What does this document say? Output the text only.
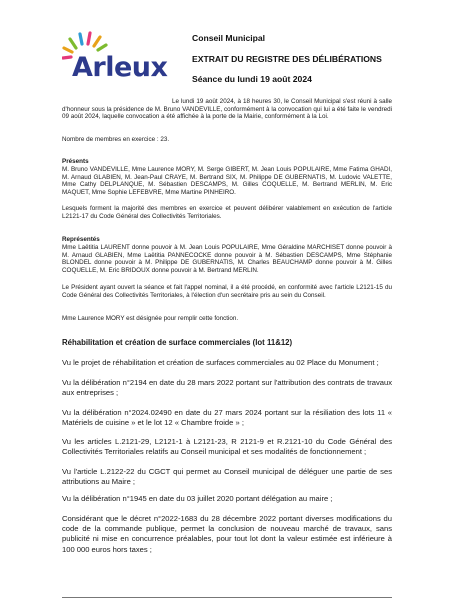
Arleux
Conseil Municipal
EXTRAIT DU REGISTRE DES DÉLIBÉRATIONS
Séance du lundi 19 août 2024
Le lundi 19 août 2024, à 18 heures 30, le Conseil Municipal s'est réuni à salle d'honneur sous la présidence de M. Bruno VANDEVILLE, conformément à la convocation qui lui a été faite le vendredi 09 août 2024, laquelle convocation a été affichée à la porte de la Mairie, conformément à la Loi.
Nombre de membres en exercice : 23.
Présents
M. Bruno VANDEVILLE, Mme Laurence MORY, M. Serge GIBERT, M. Jean Louis POPULAIRE, Mme Fatima GHADI, M. Arnaud GLABIEN, M. Jean-Paul CRAYE, M. Bertrand SIX, M. Philippe DE GUBERNATIS, M. Ludovic VALETTE, Mme Cathy DELPLANQUE, M. Sébastien DESCAMPS, M. Gilles COQUELLE, M. Bertrand MERLIN, M. Eric MAQUET, Mme Sophie LEFEBVRE, Mme Martine PINHEIRO.
Lesquels forment la majorité des membres en exercice et peuvent délibérer valablement en exécution de l'article L2121-17 du Code Général des Collectivités Territoriales.
Représentés
Mme Laëtitia LAURENT donne pouvoir à M. Jean Louis POPULAIRE, Mme Géraldine MARCHISET donne pouvoir à M. Arnaud GLABIEN, Mme Laëtitia PANNECOCKE donne pouvoir à M. Sébastien DESCAMPS, Mme Stéphanie BLONDEL donne pouvoir à M. Philippe DE GUBERNATIS, M. Charles BEAUCHAMP donne pouvoir à M. Gilles COQUELLE, M. Eric BRIDOUX donne pouvoir à M. Bertrand MERLIN.
Le Président ayant ouvert la séance et fait l'appel nominal, il a été procédé, en conformité avec l'article L2121-15 du Code Général des Collectivités Territoriales, à l'élection d'un secrétaire pris au sein du Conseil.
Mme Laurence MORY est désignée pour remplir cette fonction.
Réhabilitation et création de surface commerciales (lot 11&12)
Vu le projet de réhabilitation et création de surfaces commerciales au 02 Place du Monument ;
Vu la délibération n°2194 en date du 28 mars 2022 portant sur l'attribution des contrats de travaux aux entreprises ;
Vu la délibération n°2024.02490 en date du 27 mars 2024 portant sur la résiliation des lots 11 « Matériels de cuisine » et le lot 12 « Chambre froide » ;
Vu les articles L.2121-29, L2121-1 à L2121-23, R 2121-9 et R.2121-10 du Code Général des Collectivités Territoriales relatifs au Conseil municipal et ses modalités de fonctionnement ;
Vu l'article L.2122-22 du CGCT qui permet au Conseil municipal de déléguer une partie de ses attributions au Maire ;
Vu la délibération n°1945 en date du 03 juillet 2020 portant délégation au maire ;
Considérant que le décret n°2022-1683 du 28 décembre 2022 portant diverses modifications du code de la commande publique, permet la conclusion de nouveau marché de travaux, sans publicité ni mise en concurrence préalables, pour tout lot dont la valeur estimée est inférieure à 100 000 euros hors taxes ;
